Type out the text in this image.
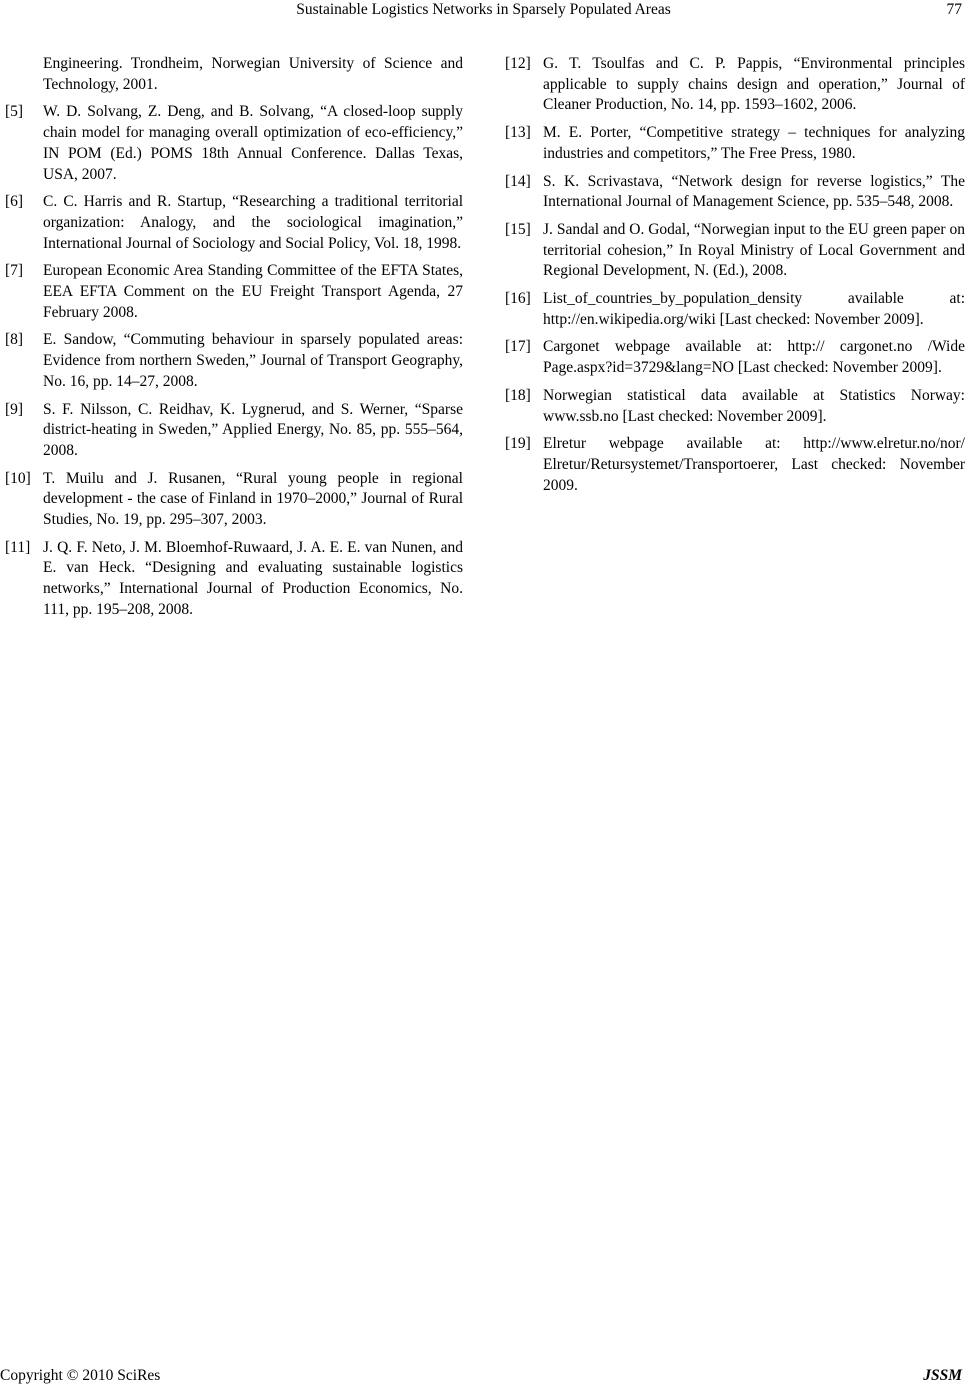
Sustainable Logistics Networks in Sparsely Populated Areas	77
Engineering. Trondheim, Norwegian University of Science and Technology, 2001.
[5] W. D. Solvang, Z. Deng, and B. Solvang, “A closed-loop supply chain model for managing overall optimization of eco-efficiency,” IN POM (Ed.) POMS 18th Annual Conference. Dallas Texas, USA, 2007.
[6] C. C. Harris and R. Startup, “Researching a traditional territorial organization: Analogy, and the sociological imagination,” International Journal of Sociology and Social Policy, Vol. 18, 1998.
[7] European Economic Area Standing Committee of the EFTA States, EEA EFTA Comment on the EU Freight Transport Agenda, 27 February 2008.
[8] E. Sandow, “Commuting behaviour in sparsely populated areas: Evidence from northern Sweden,” Journal of Transport Geography, No. 16, pp. 14–27, 2008.
[9] S. F. Nilsson, C. Reidhav, K. Lygnerud, and S. Werner, “Sparse district-heating in Sweden,” Applied Energy, No. 85, pp. 555–564, 2008.
[10] T. Muilu and J. Rusanen, “Rural young people in regional development - the case of Finland in 1970–2000,” Journal of Rural Studies, No. 19, pp. 295–307, 2003.
[11] J. Q. F. Neto, J. M. Bloemhof-Ruwaard, J. A. E. E. van Nunen, and E. van Heck. “Designing and evaluating sustainable logistics networks,” International Journal of Production Economics, No. 111, pp. 195–208, 2008.
[12] G. T. Tsoulfas and C. P. Pappis, “Environmental principles applicable to supply chains design and operation,” Journal of Cleaner Production, No. 14, pp. 1593–1602, 2006.
[13] M. E. Porter, “Competitive strategy – techniques for analyzing industries and competitors,” The Free Press, 1980.
[14] S. K. Scrivastava, “Network design for reverse logistics,” The International Journal of Management Science, pp. 535–548, 2008.
[15] J. Sandal and O. Godal, “Norwegian input to the EU green paper on territorial cohesion,” In Royal Ministry of Local Government and Regional Development, N. (Ed.), 2008.
[16] List_of_countries_by_population_density available at: http://en.wikipedia.org/wiki [Last checked: November 2009].
[17] Cargonet webpage available at: http:// cargonet.no /Wide Page.aspx?id=3729&lang=NO [Last checked: November 2009].
[18] Norwegian statistical data available at Statistics Norway: www.ssb.no [Last checked: November 2009].
[19] Elretur webpage available at: http://www.elretur.no/nor/ Elretur/Retursystemet/Transportoerer, Last checked: November 2009.
Copyright © 2010 SciRes	JSSM
